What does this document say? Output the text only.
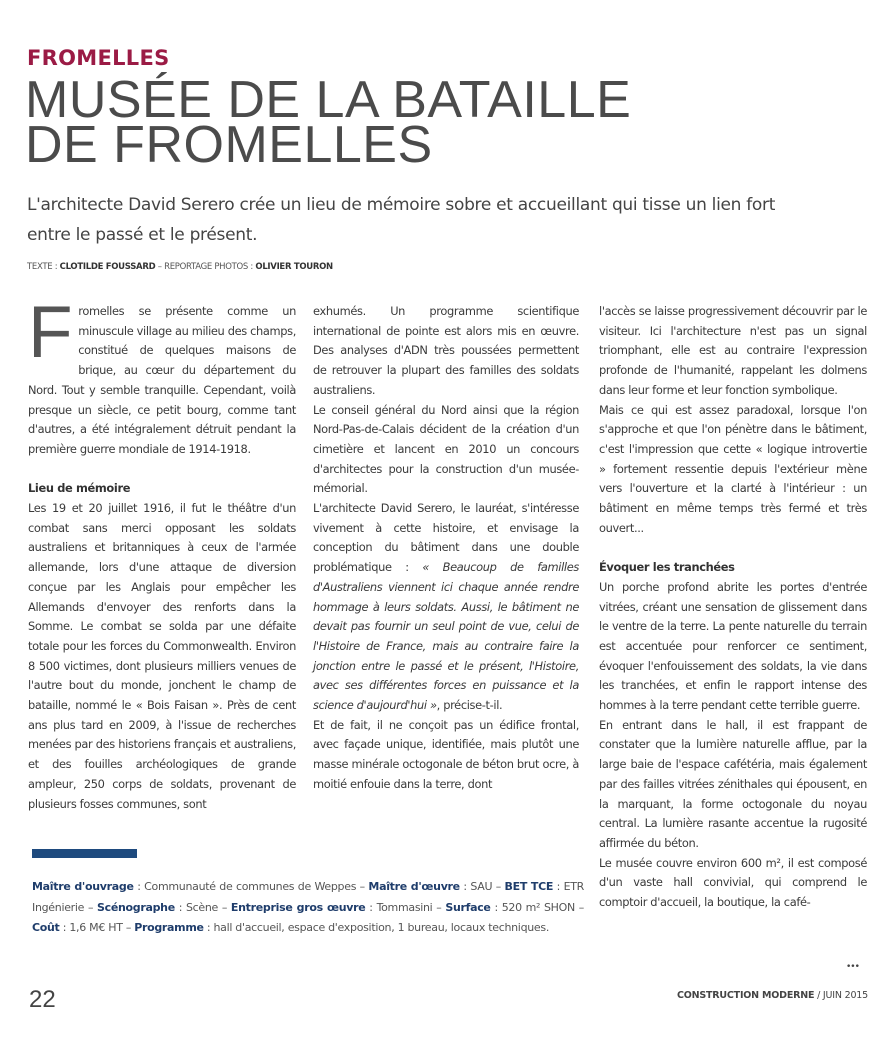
FROMELLES
MUSÉE DE LA BATAILLE
DE FROMELLES
L'architecte David Serero crée un lieu de mémoire sobre et accueillant qui tisse un lien fort entre le passé et le présent.
TEXTE : CLOTILDE FOUSSARD – REPORTAGE PHOTOS : OLIVIER TOURON

Fromelles se présente comme un minuscule village au milieu des champs, constitué de quelques maisons de brique, au cœur du département du Nord. Tout y semble tranquille. Cependant, voilà presque un siècle, ce petit bourg, comme tant d'autres, a été intégralement détruit pendant la première guerre mondiale de 1914-1918.

Lieu de mémoire

Les 19 et 20 juillet 1916, il fut le théâtre d'un combat sans merci opposant les soldats australiens et britanniques à ceux de l'armée allemande, lors d'une attaque de diversion conçue par les Anglais pour empêcher les Allemands d'envoyer des renforts dans la Somme. Le combat se solda par une défaite totale pour les forces du Commonwealth. Environ 8 500 victimes, dont plusieurs milliers venues de l'autre bout du monde, jonchent le champ de bataille, nommé le « Bois Faisan ». Près de cent ans plus tard en 2009, à l'issue de recherches menées par des historiens français et australiens, et des fouilles archéologiques de grande ampleur, 250 corps de soldats, provenant de plusieurs fosses communes, sont

exhumés. Un programme scientifique international de pointe est alors mis en œuvre. Des analyses d'ADN très poussées permettent de retrouver la plupart des familles des soldats australiens.

Le conseil général du Nord ainsi que la région Nord-Pas-de-Calais décident de la création d'un cimetière et lancent en 2010 un concours d'architectes pour la construction d'un musée-mémorial.

L'architecte David Serero, le lauréat, s'intéresse vivement à cette histoire, et envisage la conception du bâtiment dans une double problématique : « Beaucoup de familles d'Australiens viennent ici chaque année rendre hommage à leurs soldats. Aussi, le bâtiment ne devait pas fournir un seul point de vue, celui de l'Histoire de France, mais au contraire faire la jonction entre le passé et le présent, l'Histoire, avec ses différentes forces en puissance et la science d'aujourd'hui », précise-t-il.

Et de fait, il ne conçoit pas un édifice frontal, avec façade unique, identifiée, mais plutôt une masse minérale octogonale de béton brut ocre, à moitié enfouie dans la terre, dont

l'accès se laisse progressivement découvrir par le visiteur. Ici l'architecture n'est pas un signal triomphant, elle est au contraire l'expression profonde de l'humanité, rappelant les dolmens dans leur forme et leur fonction symbolique.

Mais ce qui est assez paradoxal, lorsque l'on s'approche et que l'on pénètre dans le bâtiment, c'est l'impression que cette « logique introvertie » fortement ressentie depuis l'extérieur mène vers l'ouverture et la clarté à l'intérieur : un bâtiment en même temps très fermé et très ouvert...

Évoquer les tranchées

Un porche profond abrite les portes d'entrée vitrées, créant une sensation de glissement dans le ventre de la terre. La pente naturelle du terrain est accentuée pour renforcer ce sentiment, évoquer l'enfouissement des soldats, la vie dans les tranchées, et enfin le rapport intense des hommes à la terre pendant cette terrible guerre.

En entrant dans le hall, il est frappant de constater que la lumière naturelle afflue, par la large baie de l'espace cafétéria, mais également par des failles vitrées zénithales qui épousent, en la marquant, la forme octogonale du noyau central. La lumière rasante accentue la rugosité affirmée du béton.

Le musée couvre environ 600 m², il est composé d'un vaste hall convivial, qui comprend le comptoir d'accueil, la boutique, la café-

•••
Maître d'ouvrage : Communauté de communes de Weppes – Maître d'œuvre : SAU – BET TCE : ETR Ingénierie – Scénographe : Scène – Entreprise gros œuvre : Tommasini – Surface : 520 m² SHON – Coût : 1,6 M€ HT – Programme : hall d'accueil, espace d'exposition, 1 bureau, locaux techniques.
22	CONSTRUCTION MODERNE / JUIN 2015
